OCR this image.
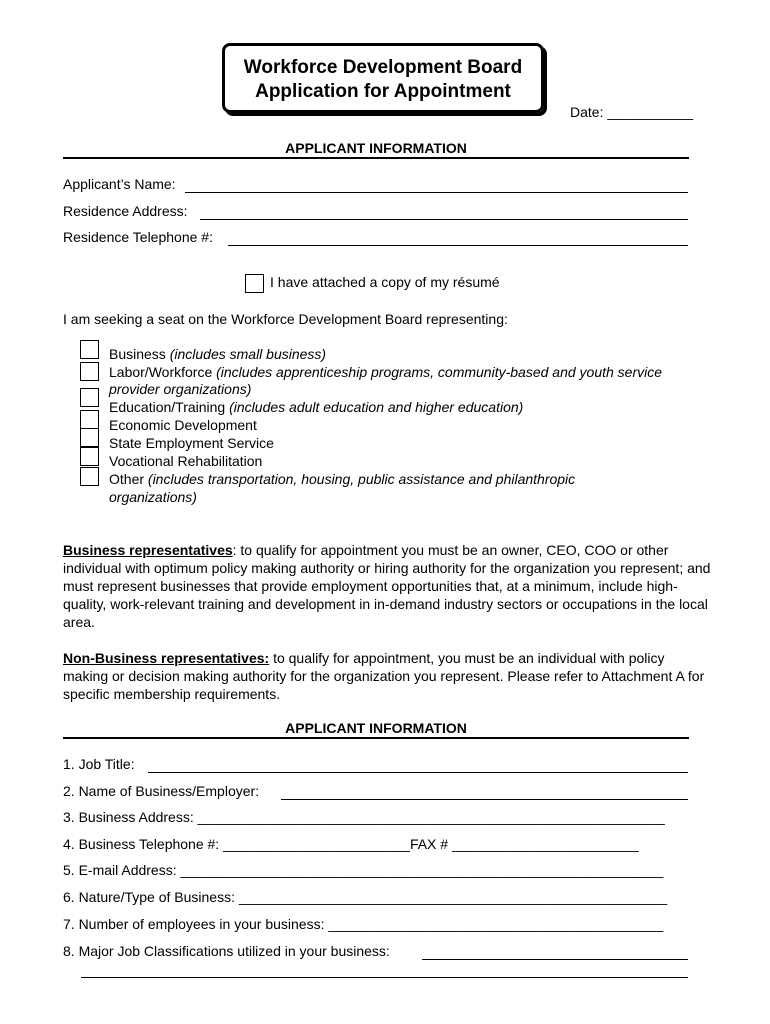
Workforce Development Board
Application for Appointment
Date: ___________
APPLICANT INFORMATION
Applicant’s Name:
Residence Address:
Residence Telephone #:
I have attached a copy of my résumé
I am seeking a seat on the Workforce Development Board representing:
Business (includes small business)
Labor/Workforce (includes apprenticeship programs, community-based and youth service
provider organizations)
Education/Training (includes adult education and higher education)
Economic Development
State Employment Service
Vocational Rehabilitation
Other (includes transportation, housing, public assistance and philanthropic
organizations)
Business representatives: to qualify for appointment you must be an owner, CEO, COO or other individual with optimum policy making authority or hiring authority for the organization you represent; and must represent businesses that provide employment opportunities that, at a minimum, include high-quality, work-relevant training and development in in-demand industry sectors or occupations in the local area.
Non-Business representatives: to qualify for appointment, you must be an individual with policy making or decision making authority for the organization you represent. Please refer to Attachment A for specific membership requirements.
APPLICANT INFORMATION
1. Job Title:
2. Name of Business/Employer:
3. Business Address: ____________________________________________________________
4. Business Telephone #: ________________________FAX # ________________________
5. E-mail Address: ______________________________________________________________
6. Nature/Type of Business: _______________________________________________________
7. Number of employees in your business: ___________________________________________
8. Major Job Classifications utilized in your business:
